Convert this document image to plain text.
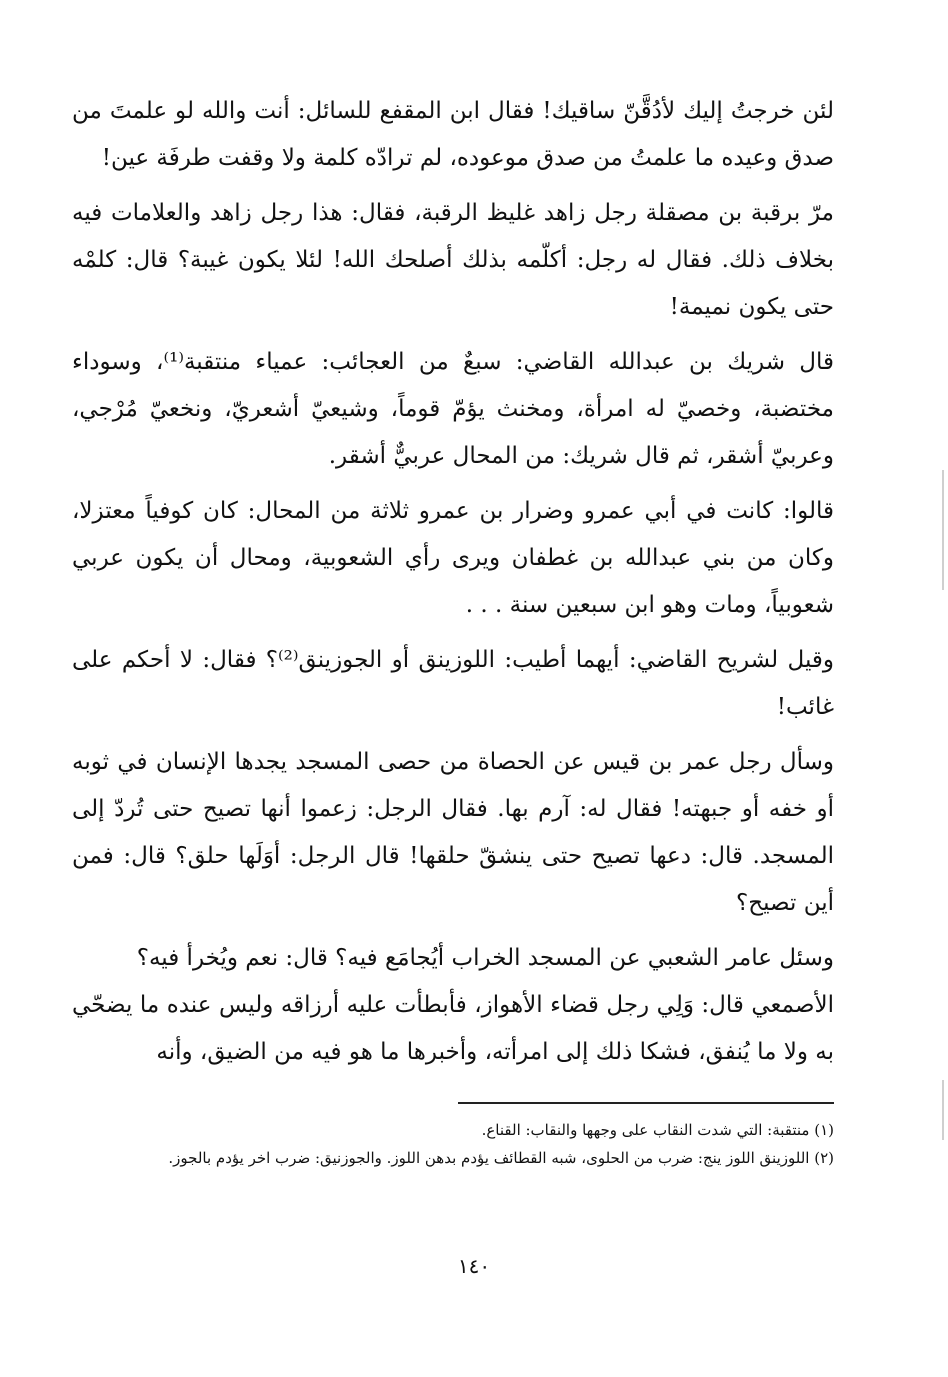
لئن خرجتُ إليك لأدُقَّنّ ساقيك! فقال ابن المقفع للسائل: أنت والله لو علمتَ من صدق وعيده ما علمتُ من صدق موعوده، لم ترادّه كلمة ولا وقفت طرفَة عين!

مرّ برقبة بن مصقلة رجل زاهد غليظ الرقبة، فقال: هذا رجل زاهد والعلامات فيه بخلاف ذلك. فقال له رجل: أكلّمه بذلك أصلحك الله! لئلا يكون غيبة؟ قال: كلمْه حتى يكون نميمة!

قال شريك بن عبدالله القاضي: سبعٌ من العجائب: عمياء منتقبة⁽¹⁾، وسوداء مختضبة، وخصيّ له امرأة، ومخنث يؤمّ قوماً، وشيعيّ أشعريّ، ونخعيّ مُرْجي، وعربيّ أشقر، ثم قال شريك: من المحال عربيٌّ أشقر.

قالوا: كانت في أبي عمرو وضرار بن عمرو ثلاثة من المحال: كان كوفياً معتزلا، وكان من بني عبدالله بن غطفان ويرى رأي الشعوبية، ومحال أن يكون عربي شعوبياً، ومات وهو ابن سبعين سنة . . .

وقيل لشريح القاضي: أيهما أطيب: اللوزينق أو الجوزينق⁽²⁾؟ فقال: لا أحكم على غائب!

وسأل رجل عمر بن قيس عن الحصاة من حصى المسجد يجدها الإنسان في ثوبه أو خفه أو جبهته! فقال له: آرم بها. فقال الرجل: زعموا أنها تصيح حتى تُردّ إلى المسجد. قال: دعها تصيح حتى ينشقّ حلقها! قال الرجل: أوَلَها حلق؟ قال: فمن أين تصيح؟

وسئل عامر الشعبي عن المسجد الخراب أيُجامَع فيه؟ قال: نعم ويُخرأ فيه؟

الأصمعي قال: وَلِي رجل قضاء الأهواز، فأبطأت عليه أرزاقه وليس عنده ما يضحّي به ولا ما يُنفق، فشكا ذلك إلى امرأته، وأخبرها ما هو فيه من الضيق، وأنه

(١) منتقبة: التي شدت النقاب على وجهها والنقاب: القناع.

(٢) اللوزينق اللوز ينج: ضرب من الحلوى، شبه القطائف يؤدم بدهن اللوز. والجوزنيق: ضرب اخر يؤدم بالجوز.

١٤٠
